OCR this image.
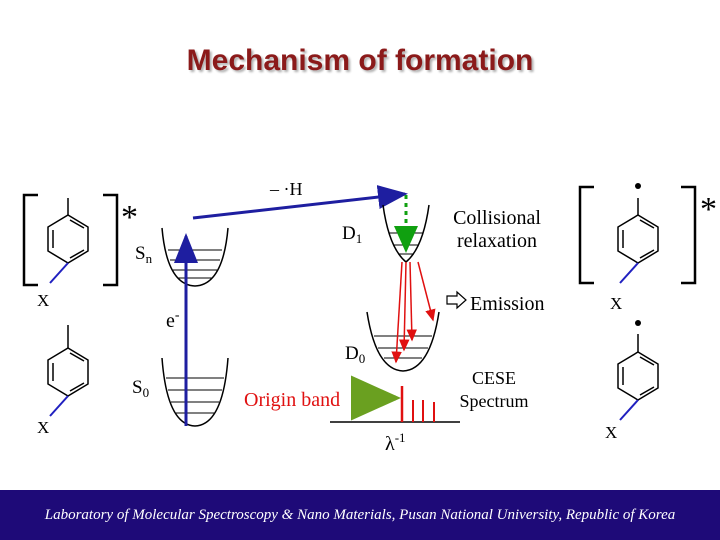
Mechanism of formation
*
X
X
$S_n$
$S_0$
e-
– ·H
$D_1$
$D_0$
Collisional relaxation
Emission
$\lambda^{-1}$
Origin band
CESE Spectrum
*
X
X
Laboratory of Molecular Spectroscopy & Nano Materials, Pusan National University, Republic of Korea
